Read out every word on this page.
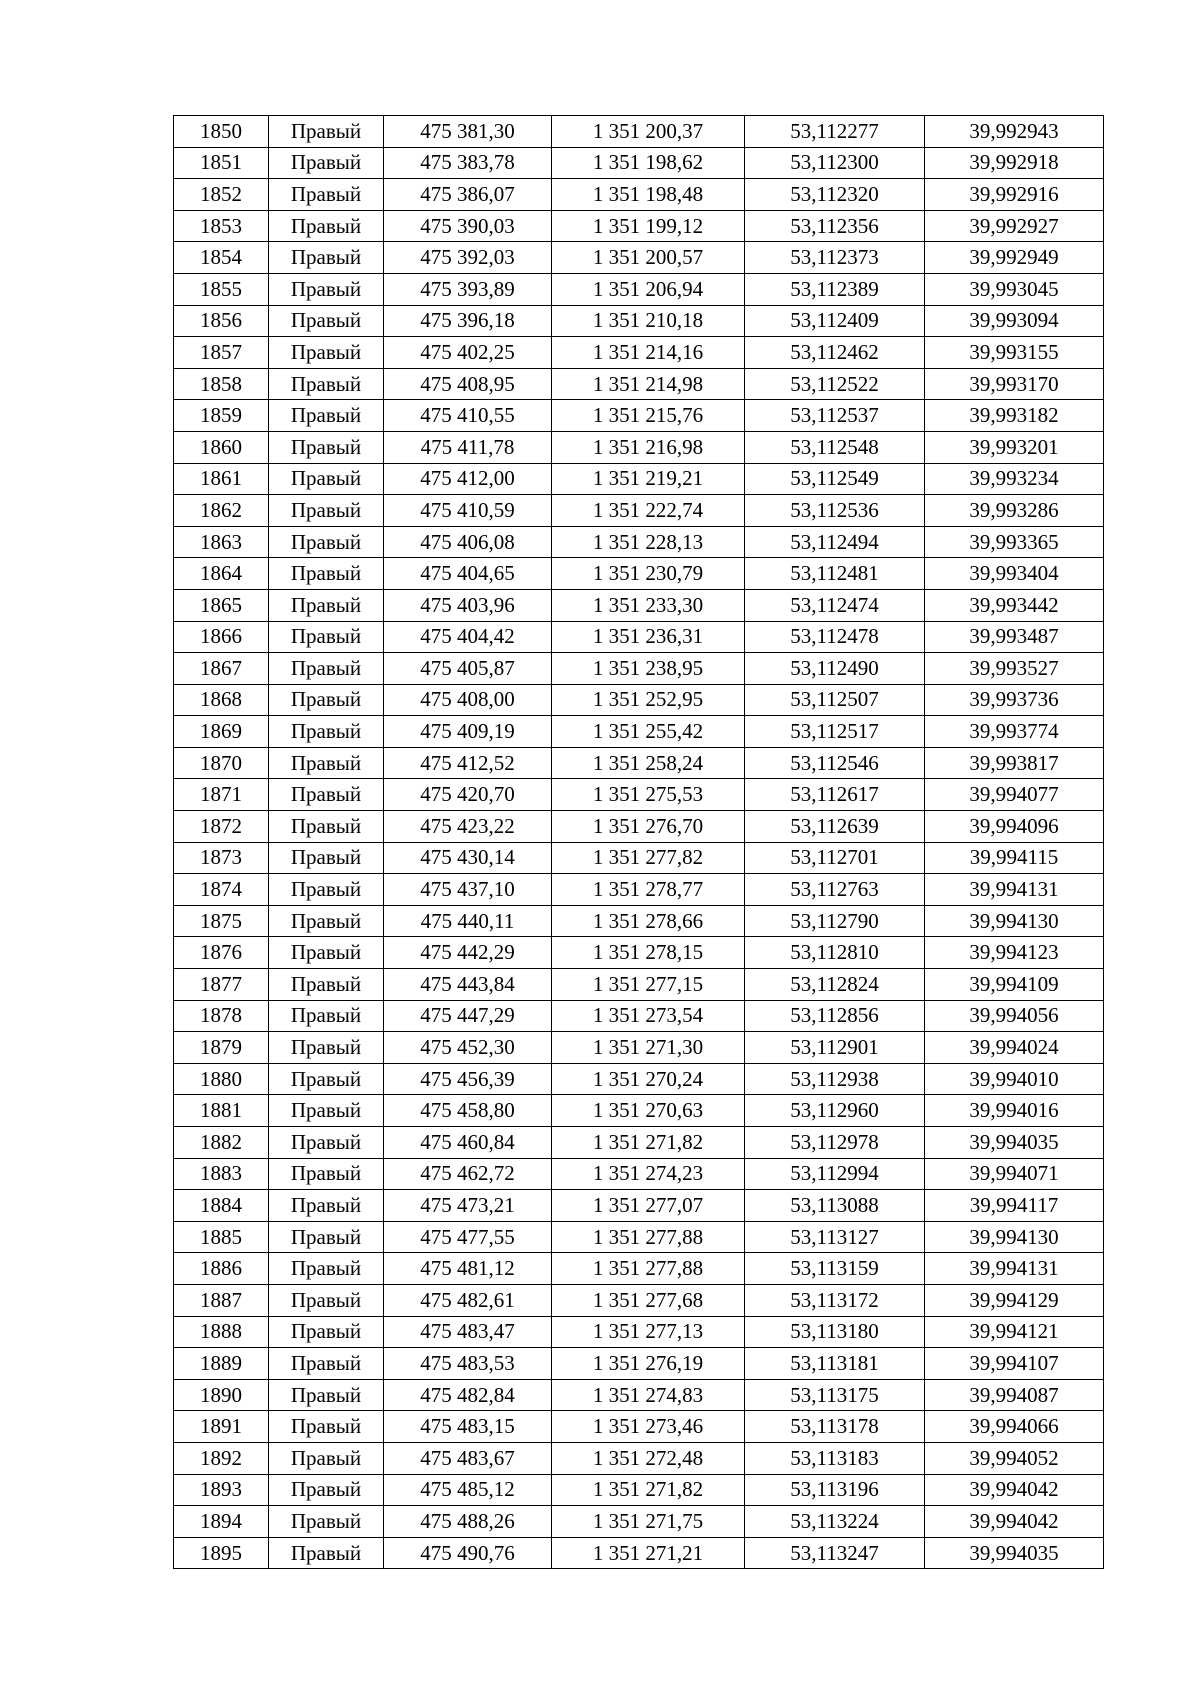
1850	Правый	475 381,30	1 351 200,37	53,112277	39,992943
1851	Правый	475 383,78	1 351 198,62	53,112300	39,992918
1852	Правый	475 386,07	1 351 198,48	53,112320	39,992916
1853	Правый	475 390,03	1 351 199,12	53,112356	39,992927
1854	Правый	475 392,03	1 351 200,57	53,112373	39,992949
1855	Правый	475 393,89	1 351 206,94	53,112389	39,993045
1856	Правый	475 396,18	1 351 210,18	53,112409	39,993094
1857	Правый	475 402,25	1 351 214,16	53,112462	39,993155
1858	Правый	475 408,95	1 351 214,98	53,112522	39,993170
1859	Правый	475 410,55	1 351 215,76	53,112537	39,993182
1860	Правый	475 411,78	1 351 216,98	53,112548	39,993201
1861	Правый	475 412,00	1 351 219,21	53,112549	39,993234
1862	Правый	475 410,59	1 351 222,74	53,112536	39,993286
1863	Правый	475 406,08	1 351 228,13	53,112494	39,993365
1864	Правый	475 404,65	1 351 230,79	53,112481	39,993404
1865	Правый	475 403,96	1 351 233,30	53,112474	39,993442
1866	Правый	475 404,42	1 351 236,31	53,112478	39,993487
1867	Правый	475 405,87	1 351 238,95	53,112490	39,993527
1868	Правый	475 408,00	1 351 252,95	53,112507	39,993736
1869	Правый	475 409,19	1 351 255,42	53,112517	39,993774
1870	Правый	475 412,52	1 351 258,24	53,112546	39,993817
1871	Правый	475 420,70	1 351 275,53	53,112617	39,994077
1872	Правый	475 423,22	1 351 276,70	53,112639	39,994096
1873	Правый	475 430,14	1 351 277,82	53,112701	39,994115
1874	Правый	475 437,10	1 351 278,77	53,112763	39,994131
1875	Правый	475 440,11	1 351 278,66	53,112790	39,994130
1876	Правый	475 442,29	1 351 278,15	53,112810	39,994123
1877	Правый	475 443,84	1 351 277,15	53,112824	39,994109
1878	Правый	475 447,29	1 351 273,54	53,112856	39,994056
1879	Правый	475 452,30	1 351 271,30	53,112901	39,994024
1880	Правый	475 456,39	1 351 270,24	53,112938	39,994010
1881	Правый	475 458,80	1 351 270,63	53,112960	39,994016
1882	Правый	475 460,84	1 351 271,82	53,112978	39,994035
1883	Правый	475 462,72	1 351 274,23	53,112994	39,994071
1884	Правый	475 473,21	1 351 277,07	53,113088	39,994117
1885	Правый	475 477,55	1 351 277,88	53,113127	39,994130
1886	Правый	475 481,12	1 351 277,88	53,113159	39,994131
1887	Правый	475 482,61	1 351 277,68	53,113172	39,994129
1888	Правый	475 483,47	1 351 277,13	53,113180	39,994121
1889	Правый	475 483,53	1 351 276,19	53,113181	39,994107
1890	Правый	475 482,84	1 351 274,83	53,113175	39,994087
1891	Правый	475 483,15	1 351 273,46	53,113178	39,994066
1892	Правый	475 483,67	1 351 272,48	53,113183	39,994052
1893	Правый	475 485,12	1 351 271,82	53,113196	39,994042
1894	Правый	475 488,26	1 351 271,75	53,113224	39,994042
1895	Правый	475 490,76	1 351 271,21	53,113247	39,994035
